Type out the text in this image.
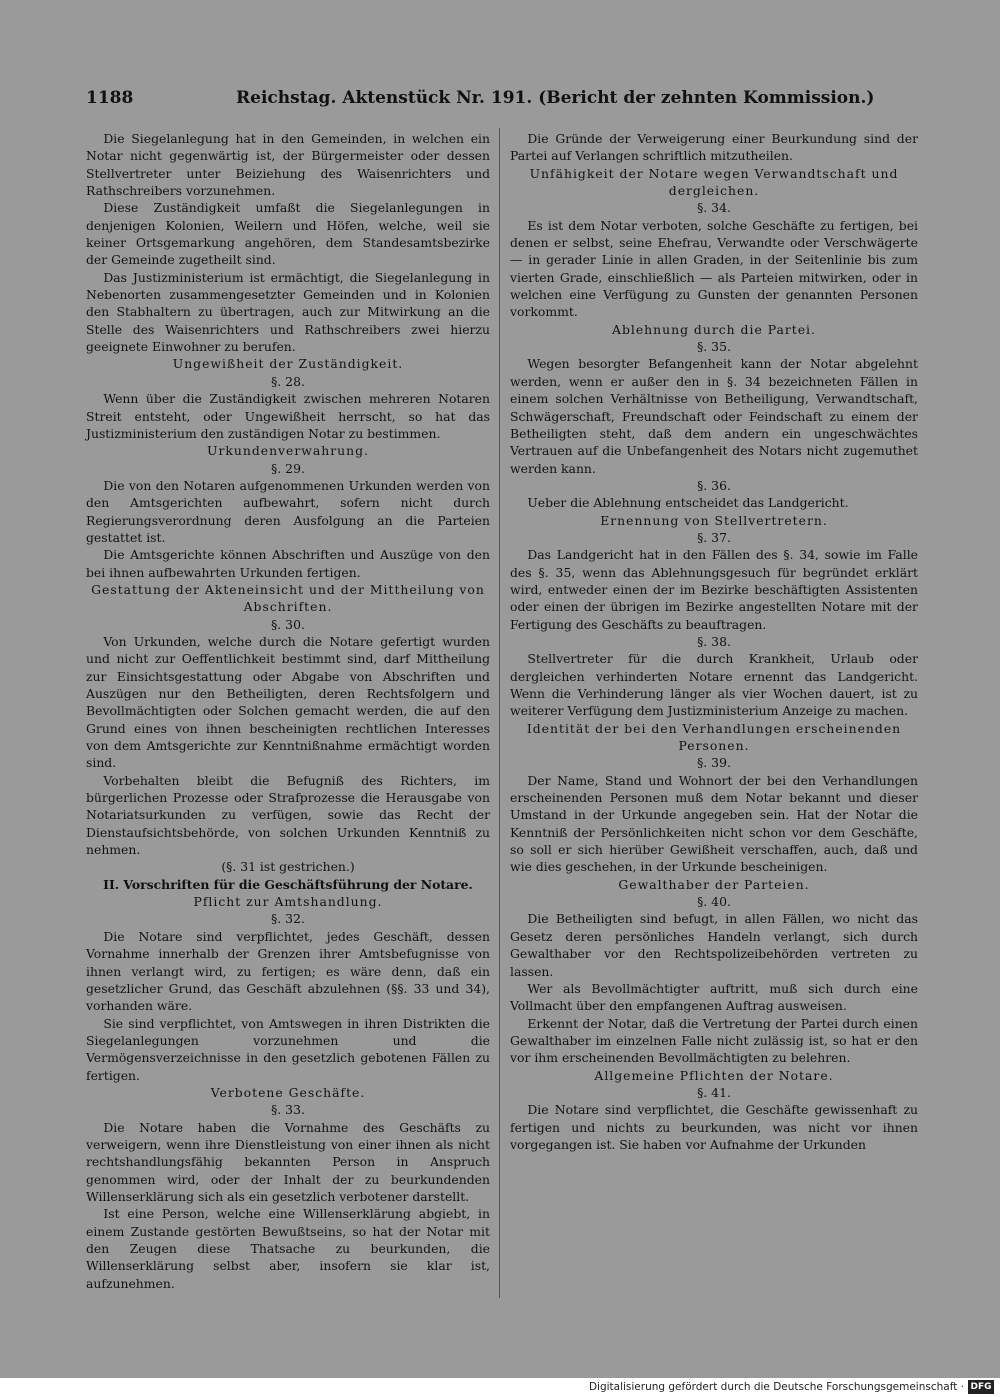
1188	Reichstag. Aktenstück Nr. 191. (Bericht der zehnten Kommission.)

Die Siegelanlegung hat in den Gemeinden, in welchen ein Notar nicht gegenwärtig ist, der Bürgermeister oder dessen Stellvertreter unter Beiziehung des Waisenrichters und Rathschreibers vorzunehmen.

Diese Zuständigkeit umfaßt die Siegelanlegungen in denjenigen Kolonien, Weilern und Höfen, welche, weil sie keiner Ortsgemarkung angehören, dem Standesamtsbezirke der Gemeinde zugetheilt sind.

Das Justizministerium ist ermächtigt, die Siegelanlegung in Nebenorten zusammengesetzter Gemeinden und in Kolonien den Stabhaltern zu übertragen, auch zur Mitwirkung an die Stelle des Waisenrichters und Rathschreibers zwei hierzu geeignete Einwohner zu berufen.

Ungewißheit der Zuständigkeit.
§. 28.

Wenn über die Zuständigkeit zwischen mehreren Notaren Streit entsteht, oder Ungewißheit herrscht, so hat das Justizministerium den zuständigen Notar zu bestimmen.

Urkundenverwahrung.
§. 29.

Die von den Notaren aufgenommenen Urkunden werden von den Amtsgerichten aufbewahrt, sofern nicht durch Regierungsverordnung deren Ausfolgung an die Parteien gestattet ist.

Die Amtsgerichte können Abschriften und Auszüge von den bei ihnen aufbewahrten Urkunden fertigen.

Gestattung der Akteneinsicht und der Mittheilung von Abschriften.
§. 30.

Von Urkunden, welche durch die Notare gefertigt wurden und nicht zur Oeffentlichkeit bestimmt sind, darf Mittheilung zur Einsichtsgestattung oder Abgabe von Abschriften und Auszügen nur den Betheiligten, deren Rechtsfolgern und Bevollmächtigten oder Solchen gemacht werden, die auf den Grund eines von ihnen bescheinigten rechtlichen Interesses von dem Amtsgerichte zur Kenntnißnahme ermächtigt worden sind.

Vorbehalten bleibt die Befugniß des Richters, im bürgerlichen Prozesse oder Strafprozesse die Herausgabe von Notariatsurkunden zu verfügen, sowie das Recht der Dienstaufsichtsbehörde, von solchen Urkunden Kenntniß zu nehmen.

(§. 31 ist gestrichen.)
II. Vorschriften für die Geschäftsführung der Notare.
Pflicht zur Amtshandlung.
§. 32.

Die Notare sind verpflichtet, jedes Geschäft, dessen Vornahme innerhalb der Grenzen ihrer Amtsbefugnisse von ihnen verlangt wird, zu fertigen; es wäre denn, daß ein gesetzlicher Grund, das Geschäft abzulehnen (§§. 33 und 34), vorhanden wäre.

Sie sind verpflichtet, von Amtswegen in ihren Distrikten die Siegelanlegungen vorzunehmen und die Vermögensverzeichnisse in den gesetzlich gebotenen Fällen zu fertigen.

Verbotene Geschäfte.
§. 33.

Die Notare haben die Vornahme des Geschäfts zu verweigern, wenn ihre Dienstleistung von einer ihnen als nicht rechtshandlungsfähig bekannten Person in Anspruch genommen wird, oder der Inhalt der zu beurkundenden Willenserklärung sich als ein gesetzlich verbotener darstellt.

Ist eine Person, welche eine Willenserklärung abgiebt, in einem Zustande gestörten Bewußtseins, so hat der Notar mit den Zeugen diese Thatsache zu beurkunden, die Willenserklärung selbst aber, insofern sie klar ist, aufzunehmen.

Die Gründe der Verweigerung einer Beurkundung sind der Partei auf Verlangen schriftlich mitzutheilen.

Unfähigkeit der Notare wegen Verwandtschaft und dergleichen.
§. 34.

Es ist dem Notar verboten, solche Geschäfte zu fertigen, bei denen er selbst, seine Ehefrau, Verwandte oder Verschwägerte — in gerader Linie in allen Graden, in der Seitenlinie bis zum vierten Grade, einschließlich — als Parteien mitwirken, oder in welchen eine Verfügung zu Gunsten der genannten Personen vorkommt.

Ablehnung durch die Partei.
§. 35.

Wegen besorgter Befangenheit kann der Notar abgelehnt werden, wenn er außer den in §. 34 bezeichneten Fällen in einem solchen Verhältnisse von Betheiligung, Verwandtschaft, Schwägerschaft, Freundschaft oder Feindschaft zu einem der Betheiligten steht, daß dem andern ein ungeschwächtes Vertrauen auf die Unbefangenheit des Notars nicht zugemuthet werden kann.

§. 36.

Ueber die Ablehnung entscheidet das Landgericht.

Ernennung von Stellvertretern.
§. 37.

Das Landgericht hat in den Fällen des §. 34, sowie im Falle des §. 35, wenn das Ablehnungsgesuch für begründet erklärt wird, entweder einen der im Bezirke beschäftigten Assistenten oder einen der übrigen im Bezirke angestellten Notare mit der Fertigung des Geschäfts zu beauftragen.

§. 38.

Stellvertreter für die durch Krankheit, Urlaub oder dergleichen verhinderten Notare ernennt das Landgericht. Wenn die Verhinderung länger als vier Wochen dauert, ist zu weiterer Verfügung dem Justizministerium Anzeige zu machen.

Identität der bei den Verhandlungen erscheinenden Personen.
§. 39.

Der Name, Stand und Wohnort der bei den Verhandlungen erscheinenden Personen muß dem Notar bekannt und dieser Umstand in der Urkunde angegeben sein. Hat der Notar die Kenntniß der Persönlichkeiten nicht schon vor dem Geschäfte, so soll er sich hierüber Gewißheit verschaffen, auch, daß und wie dies geschehen, in der Urkunde bescheinigen.

Gewalthaber der Parteien.
§. 40.

Die Betheiligten sind befugt, in allen Fällen, wo nicht das Gesetz deren persönliches Handeln verlangt, sich durch Gewalthaber vor den Rechtspolizeibehörden vertreten zu lassen.

Wer als Bevollmächtigter auftritt, muß sich durch eine Vollmacht über den empfangenen Auftrag ausweisen.

Erkennt der Notar, daß die Vertretung der Partei durch einen Gewalthaber im einzelnen Falle nicht zulässig ist, so hat er den vor ihm erscheinenden Bevollmächtigten zu belehren.

Allgemeine Pflichten der Notare.
§. 41.

Die Notare sind verpflichtet, die Geschäfte gewissenhaft zu fertigen und nichts zu beurkunden, was nicht vor ihnen vorgegangen ist. Sie haben vor Aufnahme der Urkunden

Digitalisierung gefördert durch die Deutsche Forschungsgemeinschaft · DFG
